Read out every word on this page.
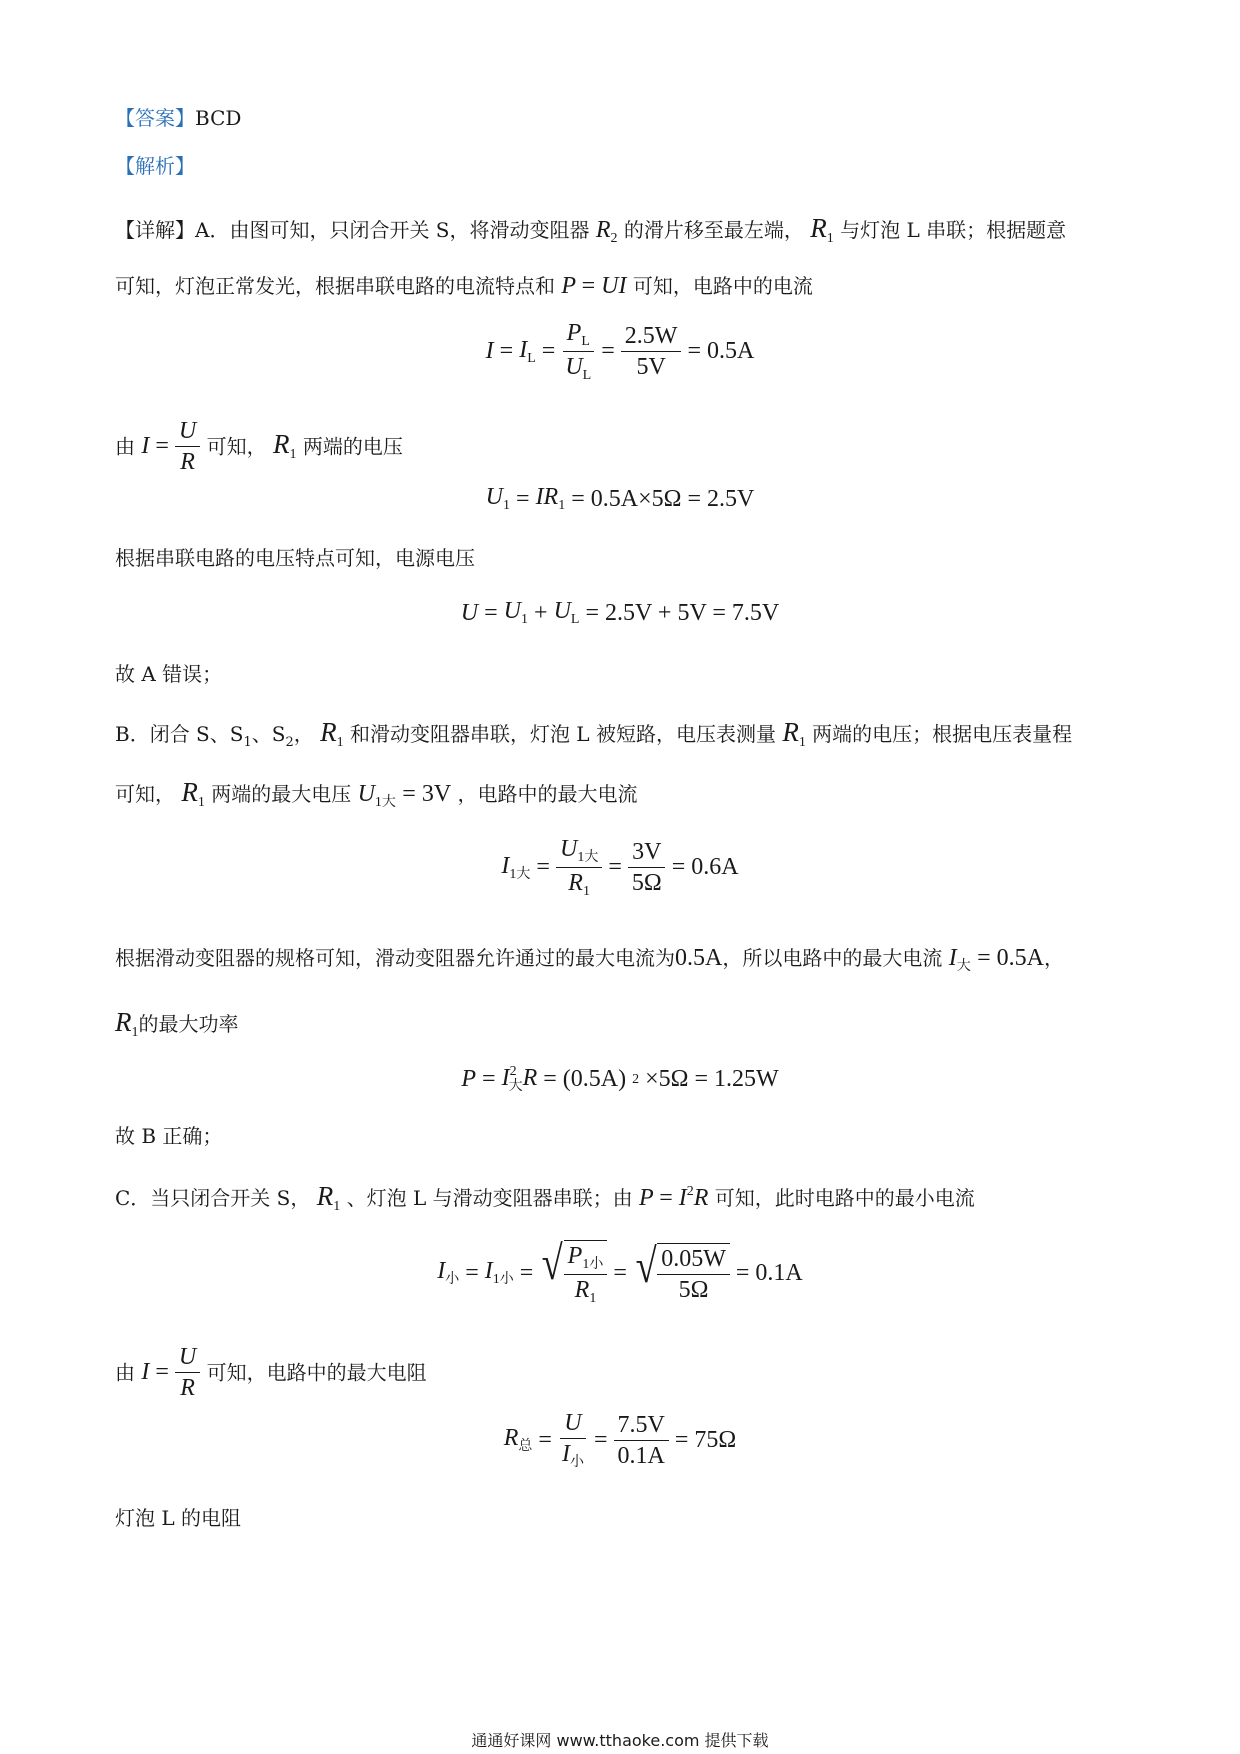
【答案】BCD
【解析】
【详解】A．由图可知，只闭合开关 S，将滑动变阻器 $R_2$ 的滑片移至最左端， $R_1$ 与灯泡 L 串联；根据题意
可知，灯泡正常发光，根据串联电路的电流特点和 P = UI 可知，电路中的电流
$I = I_L = \frac{P_L}{U_L} = \frac{2.5W}{5V} = 0.5A$
由 $I = \frac{U}{R}$ 可知， $R_1$ 两端的电压
$U_1 = IR_1 = 0.5A\times 5\Omega = 2.5V$
根据串联电路的电压特点可知，电源电压
$U = U_1 + U_L = 2.5V + 5V = 7.5V$
故 A 错误；
B．闭合 S、$S_1$、$S_2$， $R_1$ 和滑动变阻器串联，灯泡 L 被短路，电压表测量 $R_1$ 两端的电压；根据电压表量程
可知， $R_1$ 两端的最大电压 $U_{1大} = 3V$ ，电路中的最大电流
$I_{1大} = \frac{U_{1大}}{R_1} = \frac{3V}{5\Omega} = 0.6A$
根据滑动变阻器的规格可知，滑动变阻器允许通过的最大电流为0.5A，所以电路中的最大电流 $I_大 = 0.5A$，
$R_1$的最大功率
$P = I^2_大R = (0.5A)$ 2 ×5Ω = 1.25W
故 B 正确；
C．当只闭合开关 S， $R_1$ 、灯泡 L 与滑动变阻器串联；由 $P = I^2R$ 可知，此时电路中的最小电流
$I_小 = I_{1小}$ = √ $\frac{P_{1小}}{R_1}$ = √ $\frac{0.05W}{5\Omega} = 0.1A$
由 $I = \frac{U}{R}$ 可知，电路中的最大电阻
$R_总 = \frac{U}{I_小} = \frac{7.5V}{0.1A} = 75\Omega$
灯泡 L 的电阻
通通好课网 www.tthaoke.com 提供下载
